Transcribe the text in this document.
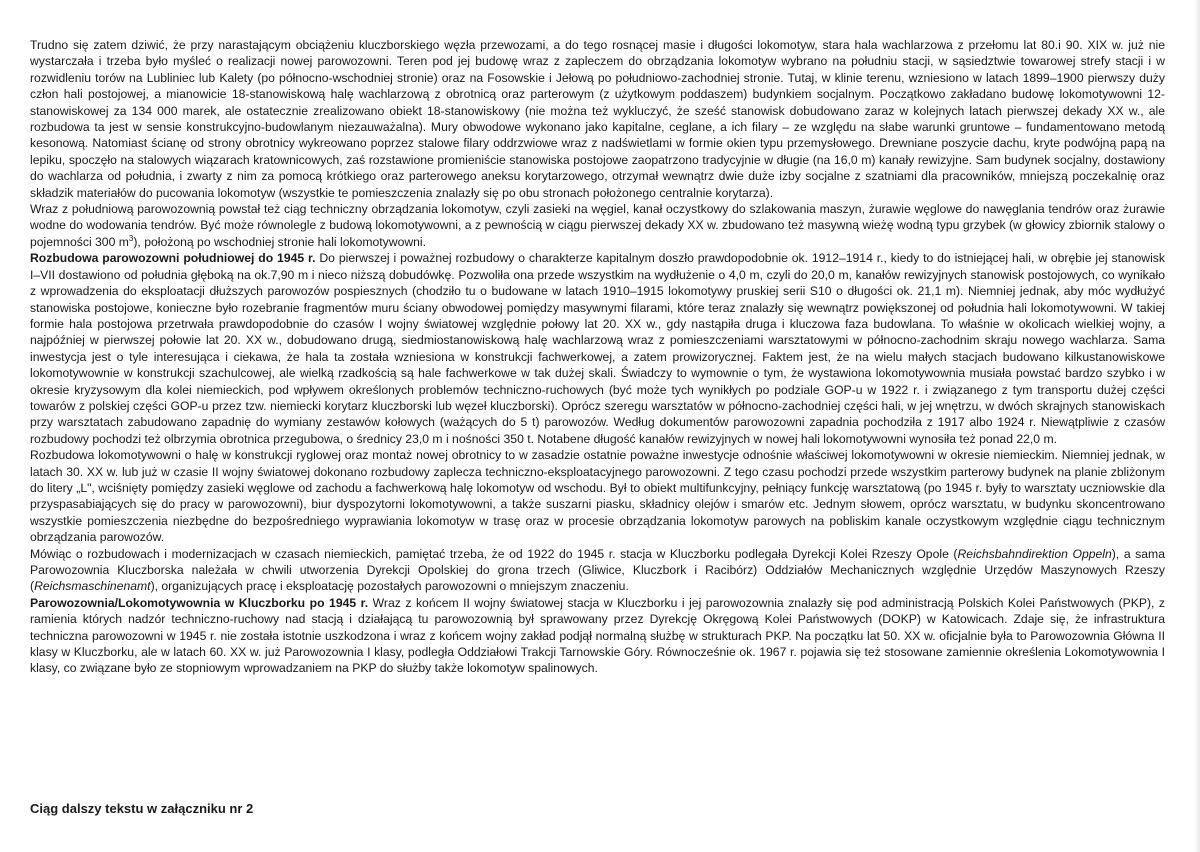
Trudno się zatem dziwić, że przy narastającym obciążeniu kluczborskiego węzła przewozami, a do tego rosnącej masie i długości lokomotyw, stara hala wachlarzowa z przełomu lat 80.i 90. XIX w. już nie wystarczała i trzeba było myśleć o realizacji nowej parowozowni. Teren pod jej budowę wraz z zapleczem do obrządzania lokomotyw wybrano na południu stacji, w sąsiedztwie towarowej strefy stacji i w rozwidleniu torów na Lubliniec lub Kalety (po północno-wschodniej stronie) oraz na Fosowskie i Jełową po południowo-zachodniej stronie. Tutaj, w klinie terenu, wzniesiono w latach 1899–1900 pierwszy duży człon hali postojowej, a mianowicie 18-stanowiskową halę wachlarzową z obrotnicą oraz parterowym (z użytkowym poddaszem) budynkiem socjalnym. Początkowo zakładano budowę lokomotywowni 12-stanowiskowej za 134 000 marek, ale ostatecznie zrealizowano obiekt 18-stanowiskowy (nie można też wykluczyć, że sześć stanowisk dobudowano zaraz w kolejnych latach pierwszej dekady XX w., ale rozbudowa ta jest w sensie konstrukcyjno-budowlanym niezauważalna). Mury obwodowe wykonano jako kapitalne, ceglane, a ich filary – ze względu na słabe warunki gruntowe – fundamentowano metodą kesonową. Natomiast ścianę od strony obrotnicy wykreowano poprzez stalowe filary oddrzwiowe wraz z nadświetlami w formie okien typu przemysłowego. Drewniane poszycie dachu, kryte podwójną papą na lepiku, spoczęło na stalowych wiązarach kratownicowych, zaś rozstawione promieniście stanowiska postojowe zaopatrzono tradycyjnie w długie (na 16,0 m) kanały rewizyjne. Sam budynek socjalny, dostawiony do wachlarza od południa, i zwarty z nim za pomocą krótkiego oraz parterowego aneksu korytarzowego, otrzymał wewnątrz dwie duże izby socjalne z szatniami dla pracowników, mniejszą poczekalnię oraz składzik materiałów do pucowania lokomotyw (wszystkie te pomieszczenia znalazły się po obu stronach położonego centralnie korytarza).

Wraz z południową parowozownią powstał też ciąg techniczny obrządzania lokomotyw, czyli zasieki na węgiel, kanał oczystkowy do szlakowania maszyn, żurawie węglowe do nawęglania tendrów oraz żurawie wodne do wodowania tendrów. Być może równolegle z budową lokomotywowni, a z pewnością w ciągu pierwszej dekady XX w. zbudowano też masywną wieżę wodną typu grzybek (w głowicy zbiornik stalowy o pojemności 300 $m^3$), położoną po wschodniej stronie hali lokomotywowni.

Rozbudowa parowozowni południowej do 1945 r. Do pierwszej i poważnej rozbudowy o charakterze kapitalnym doszło prawdopodobnie ok. 1912–1914 r., kiedy to do istniejącej hali, w obrębie jej stanowisk I–VII dostawiono od południa głęboką na ok.7,90 m i nieco niższą dobudówkę. Pozwoliła ona przede wszystkim na wydłużenie o 4,0 m, czyli do 20,0 m, kanałów rewizyjnych stanowisk postojowych, co wynikało z wprowadzenia do eksploatacji dłuższych parowozów pospiesznych (chodziło tu o budowane w latach 1910–1915 lokomotywy pruskiej serii S10 o długości ok. 21,1 m). Niemniej jednak, aby móc wydłużyć stanowiska postojowe, konieczne było rozebranie fragmentów muru ściany obwodowej pomiędzy masywnymi filarami, które teraz znalazły się wewnątrz powiększonej od południa hali lokomotywowni. W takiej formie hala postojowa przetrwała prawdopodobnie do czasów I wojny światowej względnie połowy lat 20. XX w., gdy nastąpiła druga i kluczowa faza budowlana. To właśnie w okolicach wielkiej wojny, a najpóźniej w pierwszej połowie lat 20. XX w., dobudowano drugą, siedmiostanowiskową halę wachlarzową wraz z pomieszczeniami warsztatowymi w północno-zachodnim skraju nowego wachlarza. Sama inwestycja jest o tyle interesująca i ciekawa, że hala ta została wzniesiona w konstrukcji fachwerkowej, a zatem prowizorycznej. Faktem jest, że na wielu małych stacjach budowano kilkustanowiskowe lokomotywownie w konstrukcji szachulcowej, ale wielką rzadkością są hale fachwerkowe w tak dużej skali. Świadczy to wymownie o tym, że wystawiona lokomotywownia musiała powstać bardzo szybko i w okresie kryzysowym dla kolei niemieckich, pod wpływem określonych problemów techniczno-ruchowych (być może tych wynikłych po podziale GOP-u w 1922 r. i związanego z tym transportu dużej części towarów z polskiej części GOP-u przez tzw. niemiecki korytarz kluczborski lub węzeł kluczborski). Oprócz szeregu warsztatów w północno-zachodniej części hali, w jej wnętrzu, w dwóch skrajnych stanowiskach przy warsztatach zabudowano zapadnię do wymiany zestawów kołowych (ważących do 5 t) parowozów. Według dokumentów parowozowni zapadnia pochodziła z 1917 albo 1924 r. Niewątpliwie z czasów rozbudowy pochodzi też olbrzymia obrotnica przegubowa, o średnicy 23,0 m i nośności 350 t. Notabene długość kanałów rewizyjnych w nowej hali lokomotywowni wynosiła też ponad 22,0 m.

Rozbudowa lokomotywowni o halę w konstrukcji ryglowej oraz montaż nowej obrotnicy to w zasadzie ostatnie poważne inwestycje odnośnie właściwej lokomotywowni w okresie niemieckim. Niemniej jednak, w latach 30. XX w. lub już w czasie II wojny światowej dokonano rozbudowy zaplecza techniczno-eksploatacyjnego parowozowni. Z tego czasu pochodzi przede wszystkim parterowy budynek na planie zbliżonym do litery „L", wciśnięty pomiędzy zasieki węglowe od zachodu a fachwerkową halę lokomotyw od wschodu. Był to obiekt multifunkcyjny, pełniący funkcję warsztatową (po 1945 r. były to warsztaty uczniowskie dla przyspasabiających się do pracy w parowozowni), biur dyspozytorni lokomotywowni, a także suszarni piasku, składnicy olejów i smarów etc. Jednym słowem, oprócz warsztatu, w budynku skoncentrowano wszystkie pomieszczenia niezbędne do bezpośredniego wyprawiania lokomotyw w trasę oraz w procesie obrządzania lokomotyw parowych na pobliskim kanale oczystkowym względnie ciągu technicznym obrządzania parowozów.

Mówiąc o rozbudowach i modernizacjach w czasach niemieckich, pamiętać trzeba, że od 1922 do 1945 r. stacja w Kluczborku podlegała Dyrekcji Kolei Rzeszy Opole (Reichsbahndirektion Oppeln), a sama Parowozownia Kluczborska należała w chwili utworzenia Dyrekcji Opolskiej do grona trzech (Gliwice, Kluczbork i Racibórz) Oddziałów Mechanicznych względnie Urzędów Maszynowych Rzeszy (Reichsmaschinenamt), organizujących pracę i eksploatację pozostałych parowozowni o mniejszym znaczeniu.

Parowozownia/Lokomotywownia w Kluczborku po 1945 r. Wraz z końcem II wojny światowej stacja w Kluczborku i jej parowozownia znalazły się pod administracją Polskich Kolei Państwowych (PKP), z ramienia których nadzór techniczno-ruchowy nad stacją i działającą tu parowozownią był sprawowany przez Dyrekcję Okręgową Kolei Państwowych (DOKP) w Katowicach. Zdaje się, że infrastruktura techniczna parowozowni w 1945 r. nie została istotnie uszkodzona i wraz z końcem wojny zakład podjął normalną służbę w strukturach PKP. Na początku lat 50. XX w. oficjalnie była to Parowozownia Główna II klasy w Kluczborku, ale w latach 60. XX w. już Parowozownia I klasy, podległa Oddziałowi Trakcji Tarnowskie Góry. Równocześnie ok. 1967 r. pojawia się też stosowane zamiennie określenia Lokomotywownia I klasy, co związane było ze stopniowym wprowadzaniem na PKP do służby także lokomotyw spalinowych.

Ciąg dalszy tekstu w załączniku nr 2
